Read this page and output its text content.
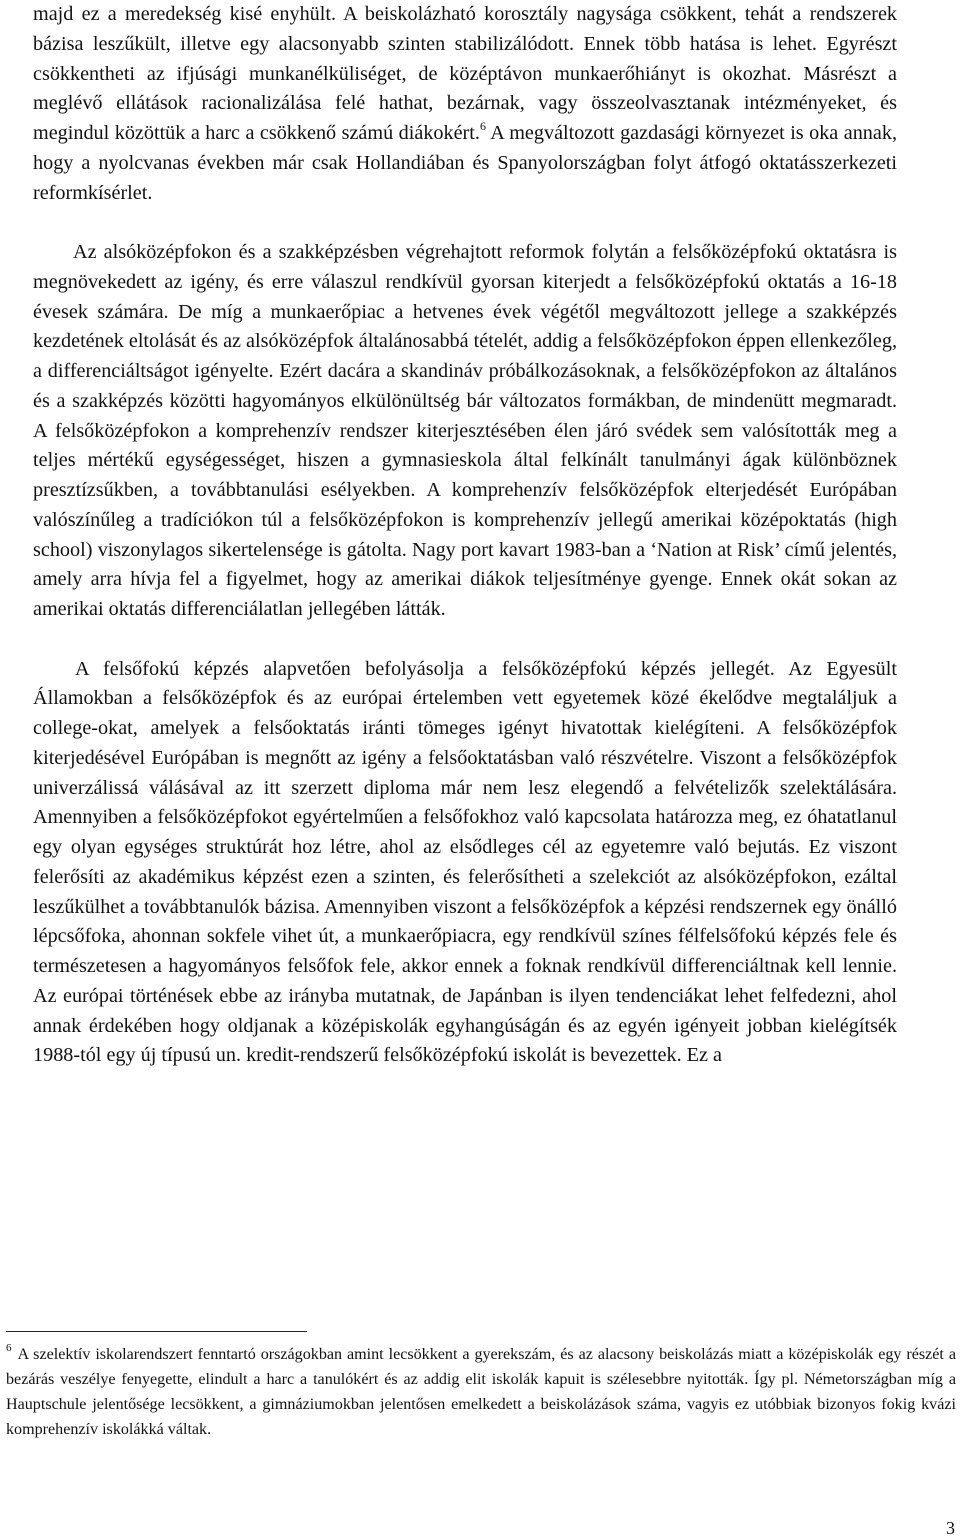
majd ez a meredekség kisé enyhült. A beiskolázható korosztály nagysága csökkent, tehát a rendszerek bázisa leszűkült, illetve egy alacsonyabb szinten stabilizálódott. Ennek több hatása is lehet. Egyrészt csökkentheti az ifjúsági munkanélküliséget, de középtávon munkaerőhiányt is okozhat. Másrészt a meglévő ellátások racionalizálása felé hathat, bezárnak, vagy összeolvasztanak intézményeket, és megindul közöttük a harc a csökkenő számú diákokért.$^6$ A megváltozott gazdasági környezet is oka annak, hogy a nyolcvanas években már csak Hollandiában és Spanyolországban folyt átfogó oktatásszerkezeti reformkísérlet.

Az alsóközépfokon és a szakképzésben végrehajtott reformok folytán a felsőközépfokú oktatásra is megnövekedett az igény, és erre válaszul rendkívül gyorsan kiterjedt a felsőközépfokú oktatás a 16-18 évesek számára. De míg a munkaerőpiac a hetvenes évek végétől megváltozott jellege a szakképzés kezdetének eltolását és az alsóközépfok általánosabbá tételét, addig a felsőközépfokon éppen ellenkezőleg, a differenciáltságot igényelte. Ezért dacára a skandináv próbálkozásoknak, a felsőközépfokon az általános és a szakképzés közötti hagyományos elkülönültség bár változatos formákban, de mindenütt megmaradt. A felsőközépfokon a komprehenzív rendszer kiterjesztésében élen járó svédek sem valósították meg a teljes mértékű egységességet, hiszen a gymnasieskola által felkínált tanulmányi ágak különböznek presztízsűkben, a továbbtanulási esélyekben. A komprehenzív felsőközépfok elterjedését Európában valószínűleg a tradíciókon túl a felsőközépfokon is komprehenzív jellegű amerikai középoktatás (high school) viszonylagos sikertelensége is gátolta. Nagy port kavart 1983-ban a ‘Nation at Risk’ című jelentés, amely arra hívja fel a figyelmet, hogy az amerikai diákok teljesítménye gyenge. Ennek okát sokan az amerikai oktatás differenciálatlan jellegében látták.

A felsőfokú képzés alapvetően befolyásolja a felsőközépfokú képzés jellegét. Az Egyesült Államokban a felsőközépfok és az európai értelemben vett egyetemek közé ékelődve megtaláljuk a college-okat, amelyek a felsőoktatás iránti tömeges igényt hivatottak kielégíteni. A felsőközépfok kiterjedésével Európában is megnőtt az igény a felsőoktatásban való részvételre. Viszont a felsőközépfok univerzálissá válásával az itt szerzett diploma már nem lesz elegendő a felvételizők szelektálására. Amennyiben a felsőközépfokot egyértelműen a felsőfokhoz való kapcsolata határozza meg, ez óhatatlanul egy olyan egységes struktúrát hoz létre, ahol az elsődleges cél az egyetemre való bejutás. Ez viszont felerősíti az akadémikus képzést ezen a szinten, és felerősítheti a szelekciót az alsóközépfokon, ezáltal leszűkülhet a továbbtanulók bázisa. Amennyiben viszont a felsőközépfok a képzési rendszernek egy önálló lépcsőfoka, ahonnan sokfele vihet út, a munkaerőpiacra, egy rendkívül színes félfelsőfokú képzés fele és természetesen a hagyományos felsőfok fele, akkor ennek a foknak rendkívül differenciáltnak kell lennie. Az európai történések ebbe az irányba mutatnak, de Japánban is ilyen tendenciákat lehet felfedezni, ahol annak érdekében hogy oldjanak a középiskolák egyhangúságán és az egyén igényeit jobban kielégítsék 1988-tól egy új típusú un. kredit-rendszerű felsőközépfokú iskolát is bevezettek. Ez a

$^6$ A szelektív iskolarendszert fenntartó országokban amint lecsökkent a gyerekszám, és az alacsony beiskolázás miatt a középiskolák egy részét a bezárás veszélye fenyegette, elindult a harc a tanulókért és az addig elit iskolák kapuit is szélesebbre nyitották. Így pl. Németországban míg a Hauptschule jelentősége lecsökkent, a gimnáziumokban jelentősen emelkedett a beiskolázások száma, vagyis ez utóbbiak bizonyos fokig kvázi komprehenzív iskolákká váltak.

3
